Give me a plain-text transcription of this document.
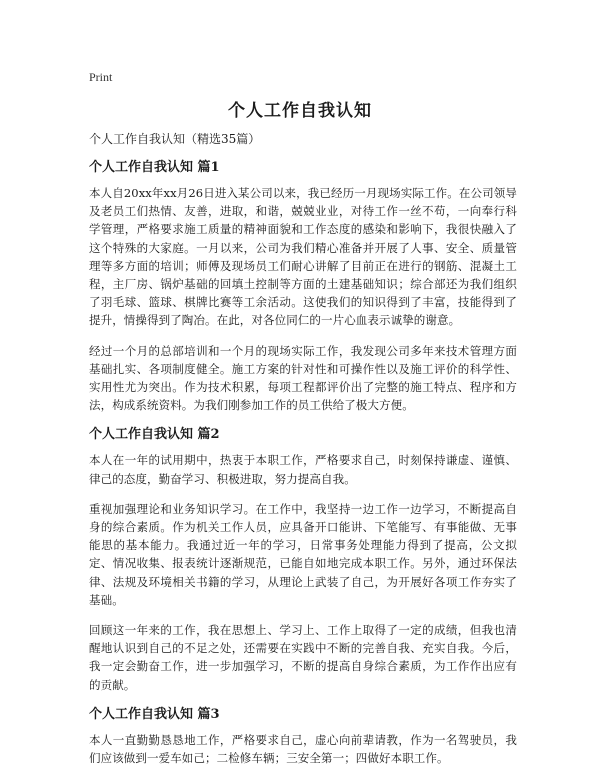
Print
个人工作自我认知
个人工作自我认知（精选35篇）
个人工作自我认知 篇1

本人自20xx年xx月26日进入某公司以来，我已经历一月现场实际工作。在公司领导及老员工们热情、友善，进取，和谐，兢兢业业，对待工作一丝不苟，一向奉行科学管理，严格要求施工质量的精神面貌和工作态度的感染和影响下，我很快融入了这个特殊的大家庭。一月以来，公司为我们精心准备并开展了人事、安全、质量管理等多方面的培训；师傅及现场员工们耐心讲解了目前正在进行的钢筋、混凝土工程，主厂房、锅炉基础的回填土控制等方面的土建基础知识；综合部还为我们组织了羽毛球、篮球、棋牌比赛等工余活动。这使我们的知识得到了丰富，技能得到了提升，情操得到了陶冶。在此，对各位同仁的一片心血表示诚挚的谢意。

经过一个月的总部培训和一个月的现场实际工作，我发现公司多年来技术管理方面基础扎实、各项制度健全。施工方案的针对性和可操作性以及施工评价的科学性、实用性尤为突出。作为技术积累，每项工程都评价出了完整的施工特点、程序和方法，构成系统资料。为我们刚参加工作的员工供给了极大方便。

个人工作自我认知 篇2

本人在一年的试用期中，热衷于本职工作，严格要求自己，时刻保持谦虚、谨慎、律己的态度，勤奋学习、积极进取，努力提高自我。

重视加强理论和业务知识学习。在工作中，我坚持一边工作一边学习，不断提高自身的综合素质。作为机关工作人员，应具备开口能讲、下笔能写、有事能做、无事能思的基本能力。我通过近一年的学习，日常事务处理能力得到了提高，公文拟定、情况收集、报表统计逐渐规范，已能自如地完成本职工作。另外，通过环保法律、法规及环境相关书籍的学习，从理论上武装了自己，为开展好各项工作夯实了基础。

回顾这一年来的工作，我在思想上、学习上、工作上取得了一定的成绩，但我也清醒地认识到自己的不足之处，还需要在实践中不断的完善自我、充实自我。今后，我一定会勤奋工作，进一步加强学习，不断的提高自身综合素质，为工作作出应有的贡献。

个人工作自我认知 篇3

本人一直勤勤恳恳地工作，严格要求自己，虚心向前辈请教，作为一名驾驶员，我们应该做到一爱车如己；二检修车辆；三安全第一；四做好本职工作。
